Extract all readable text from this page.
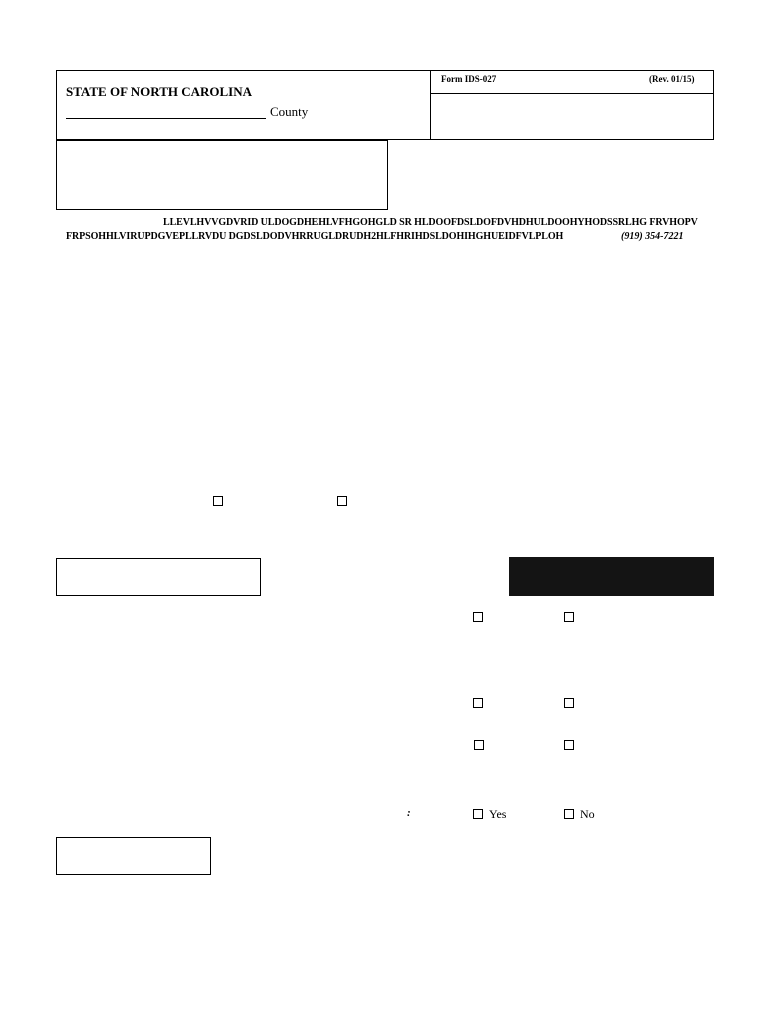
STATE OF NORTH CAROLINA
County
Form IDS-027	(Rev. 01/15)
LLEVLHVVGDVRID ULDOGDHEHLVFHGOHGLD SR HLDOOFDSLDOFDVHDHULDOOHYHODSSRLHG FRVHOPV
FRPSOHHLVIRUPDGVEPLLRVDU DGDSLDODVHRRUGLDRUDH2HLFHRIHDSLDOHIHGHUEIDFVLPLOH	(919) 354-7221
:	Yes	No
